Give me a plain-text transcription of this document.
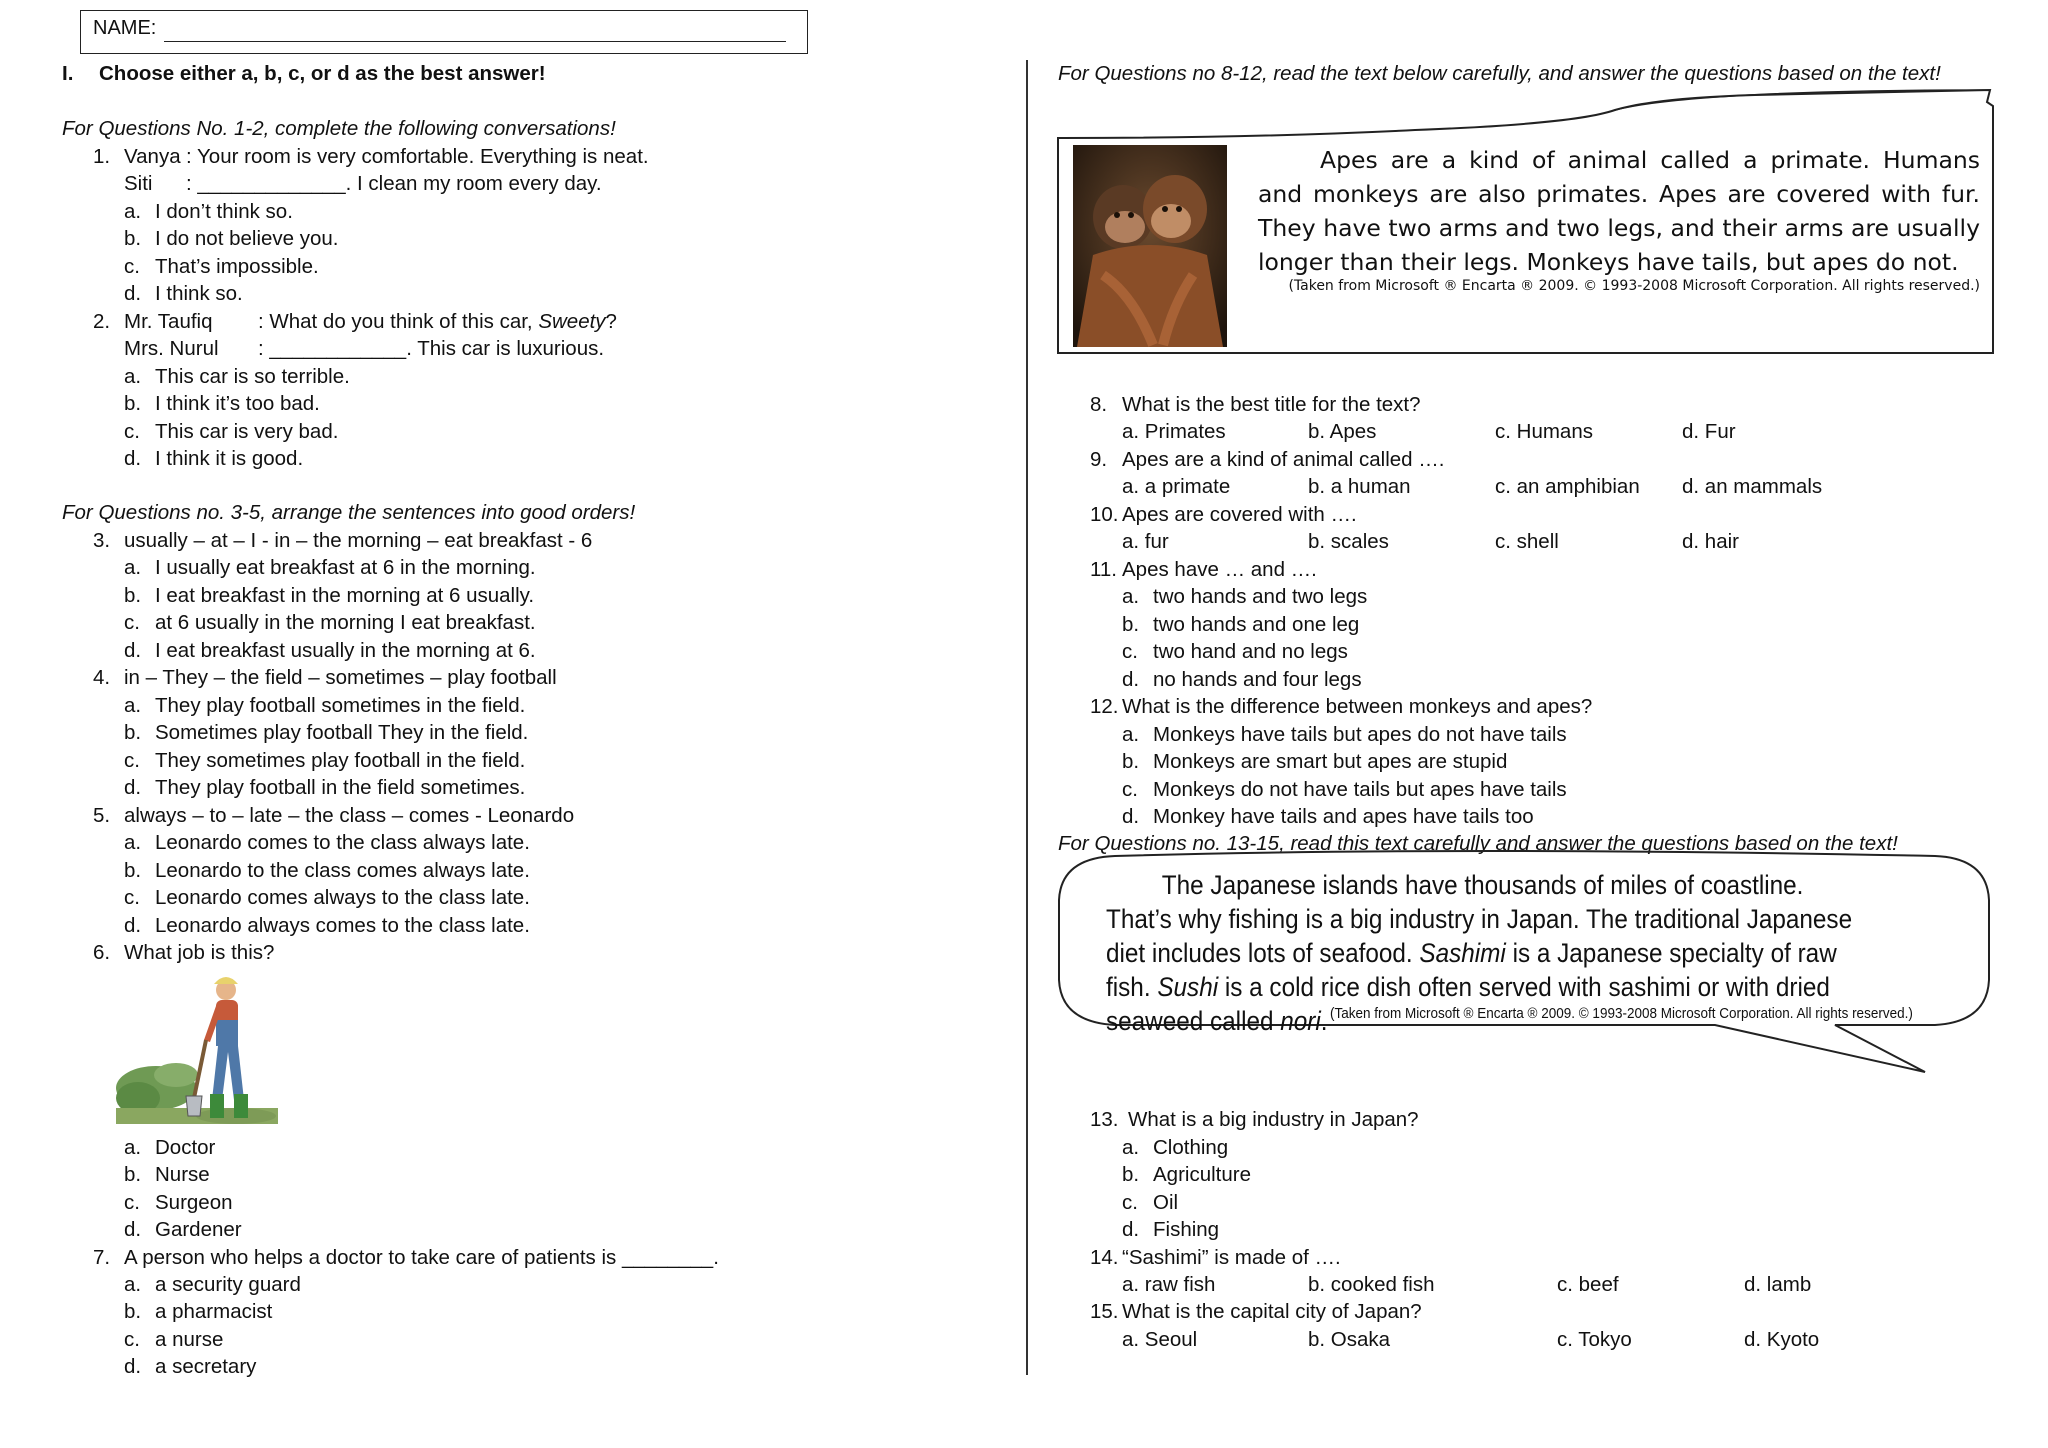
NAME:
I. Choose either a, b, c, or d as the best answer!
For Questions No. 1-2, complete the following conversations!
1. Vanya : Your room is very comfortable. Everything is neat.
Siti : _____________. I clean my room every day.
a. I don’t think so.
b. I do not believe you.
c. That’s impossible.
d. I think so.
2. Mr. Taufiq : What do you think of this car, Sweety?
Mrs. Nurul : ____________. This car is luxurious.
a. This car is so terrible.
b. I think it’s too bad.
c. This car is very bad.
d. I think it is good.
For Questions no. 3-5, arrange the sentences into good orders!
3. usually – at – I - in – the morning – eat breakfast - 6
a. I usually eat breakfast at 6 in the morning.
b. I eat breakfast in the morning at 6 usually.
c. at 6 usually in the morning I eat breakfast.
d. I eat breakfast usually in the morning at 6.
4. in – They – the field – sometimes – play football
a. They play football sometimes in the field.
b. Sometimes play football They in the field.
c. They sometimes play football in the field.
d. They play football in the field sometimes.
5. always – to – late – the class – comes - Leonardo
a. Leonardo comes to the class always late.
b. Leonardo to the class comes always late.
c. Leonardo comes always to the class late.
d. Leonardo always comes to the class late.
6. What job is this?
a. Doctor
b. Nurse
c. Surgeon
d. Gardener
7. A person who helps a doctor to take care of patients is ________.
a. a security guard
b. a pharmacist
c. a nurse
d. a secretary
For Questions no 8-12, read the text below carefully, and answer the questions based on the text!
Apes are a kind of animal called a primate. Humans and monkeys are also primates. Apes are covered with fur. They have two arms and two legs, and their arms are usually longer than their legs. Monkeys have tails, but apes do not.
(Taken from Microsoft ® Encarta ® 2009. © 1993-2008 Microsoft Corporation. All rights reserved.)
8. What is the best title for the text?
a. Primates	b. Apes	c. Humans	d. Fur
9. Apes are a kind of animal called ….
a. a primate	b. a human	c. an amphibian d. an mammals
10. Apes are covered with ….
a. fur	b. scales	c. shell	d. hair
11. Apes have … and ….
a. two hands and two legs
b. two hands and one leg
c. two hand and no legs
d. no hands and four legs
12. What is the difference between monkeys and apes?
a. Monkeys have tails but apes do not have tails
b. Monkeys are smart but apes are stupid
c. Monkeys do not have tails but apes have tails
d. Monkey have tails and apes have tails too
For Questions no. 13-15, read this text carefully and answer the questions based on the text!
The Japanese islands have thousands of miles of coastline. That’s why fishing is a big industry in Japan. The traditional Japanese diet includes lots of seafood. Sashimi is a Japanese specialty of raw fish. Sushi is a cold rice dish often served with sashimi or with dried seaweed called nori. (Taken from Microsoft ® Encarta ® 2009. © 1993-2008 Microsoft Corporation. All rights reserved.)
13. What is a big industry in Japan?
a. Clothing
b. Agriculture
c. Oil
d. Fishing
14. “Sashimi” is made of ….
a. raw fish	b. cooked fish	c. beef	d. lamb
15. What is the capital city of Japan?
a. Seoul	b. Osaka	c. Tokyo	d. Kyoto
